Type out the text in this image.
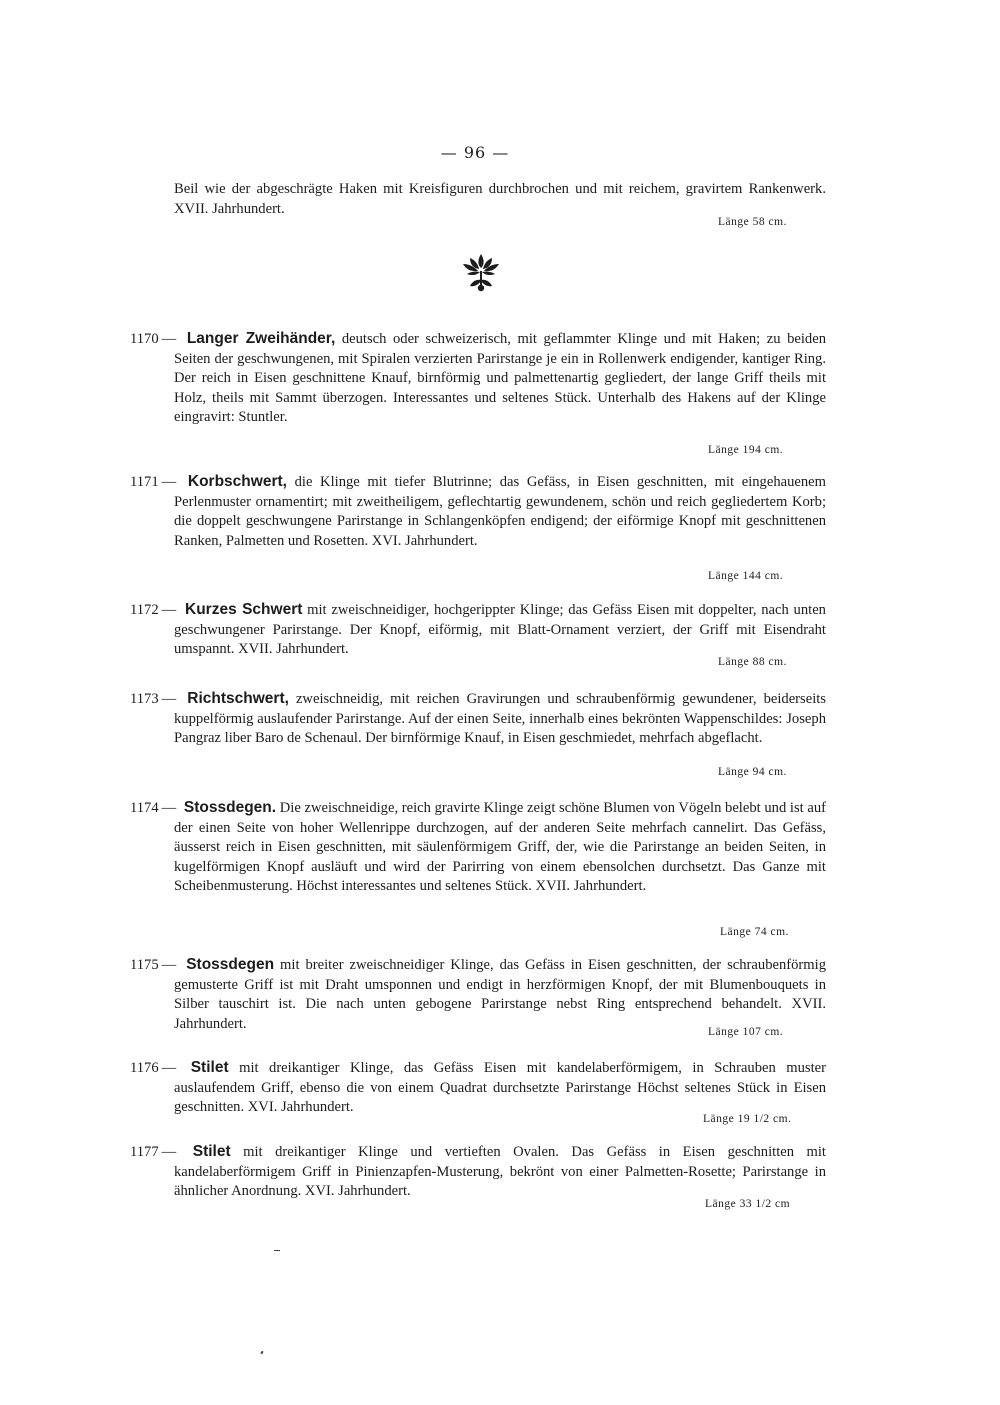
— 96 —
Beil wie der abgeschrägte Haken mit Kreisfiguren durchbrochen und mit reichem, gravirtem Rankenwerk. XVII. Jahrhundert.
Länge 58 cm.
1170 — Langer Zweihänder, deutsch oder schweizerisch, mit geflammter Klinge und mit Haken; zu beiden Seiten der geschwungenen, mit Spiralen verzierten Parirstange je ein in Rollenwerk endigender, kantiger Ring. Der reich in Eisen geschnittene Knauf, birnförmig und palmettenartig gegliedert, der lange Griff theils mit Holz, theils mit Sammt überzogen. Interessantes und seltenes Stück. Unterhalb des Hakens auf der Klinge eingravirt: Stuntler.
Länge 194 cm.
1171 — Korbschwert, die Klinge mit tiefer Blutrinne; das Gefäss, in Eisen geschnitten, mit eingehauenem Perlenmuster ornamentirt; mit zweitheiligem, geflechtartig gewundenem, schön und reich gegliedertem Korb; die doppelt geschwungene Parirstange in Schlangenköpfen endigend; der eiförmige Knopf mit geschnittenen Ranken, Palmetten und Rosetten. XVI. Jahrhundert.
Länge 144 cm.
1172 — Kurzes Schwert mit zweischneidiger, hochgerippter Klinge; das Gefäss Eisen mit doppelter, nach unten geschwungener Parirstange. Der Knopf, eiförmig, mit Blatt-Ornament verziert, der Griff mit Eisendraht umspannt. XVII. Jahrhundert.
Länge 88 cm.
1173 — Richtschwert, zweischneidig, mit reichen Gravirungen und schraubenförmig gewundener, beiderseits kuppelförmig auslaufender Parirstange. Auf der einen Seite, innerhalb eines bekrönten Wappenschildes: Joseph Pangraz liber Baro de Schenaul. Der birnförmige Knauf, in Eisen geschmiedet, mehrfach abgeflacht.
Länge 94 cm.
1174 — Stossdegen. Die zweischneidige, reich gravirte Klinge zeigt schöne Blumen von Vögeln belebt und ist auf der einen Seite von hoher Wellenrippe durchzogen, auf der anderen Seite mehrfach cannelirt. Das Gefäss, äusserst reich in Eisen geschnitten, mit säulenförmigem Griff, der, wie die Parirstange an beiden Seiten, in kugelförmigen Knopf ausläuft und wird der Parirring von einem ebensolchen durchsetzt. Das Ganze mit Scheibenmusterung. Höchst interessantes und seltenes Stück. XVII. Jahrhundert.
Länge 74 cm.
1175 — Stossdegen mit breiter zweischneidiger Klinge, das Gefäss in Eisen geschnitten, der schraubenförmig gemusterte Griff ist mit Draht umsponnen und endigt in herzförmigen Knopf, der mit Blumenbouquets in Silber tauschirt ist. Die nach unten gebogene Parirstange nebst Ring entsprechend behandelt. XVII. Jahrhundert.
Länge 107 cm.
1176 — Stilet mit dreikantiger Klinge, das Gefäss Eisen mit kandelaberförmigem, in Schrauben muster auslaufendem Griff, ebenso die von einem Quadrat durchsetzte Parirstange Höchst seltenes Stück in Eisen geschnitten. XVI. Jahrhundert.
Länge 19 1/2 cm.
1177 — Stilet mit dreikantiger Klinge und vertieften Ovalen. Das Gefäss in Eisen geschnitten mit kandelaberförmigem Griff in Pinienzapfen-Musterung, bekrönt von einer Palmetten-Rosette; Parirstange in ähnlicher Anordnung. XVI. Jahrhundert.
Länge 33 1/2 cm
